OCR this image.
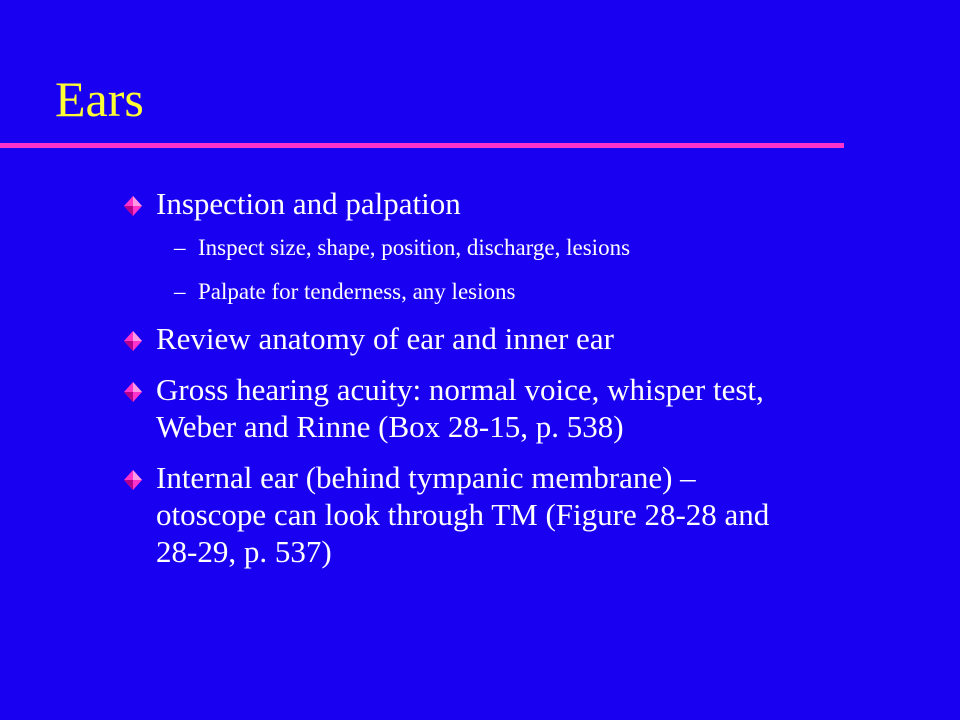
Ears
Inspection and palpation
– Inspect size, shape, position, discharge, lesions
– Palpate for tenderness, any lesions
Review anatomy of ear and inner ear
Gross hearing acuity: normal voice, whisper test,
Weber and Rinne (Box 28-15, p. 538)
Internal ear (behind tympanic membrane) –
otoscope can look through TM (Figure 28-28 and
28-29, p. 537)
